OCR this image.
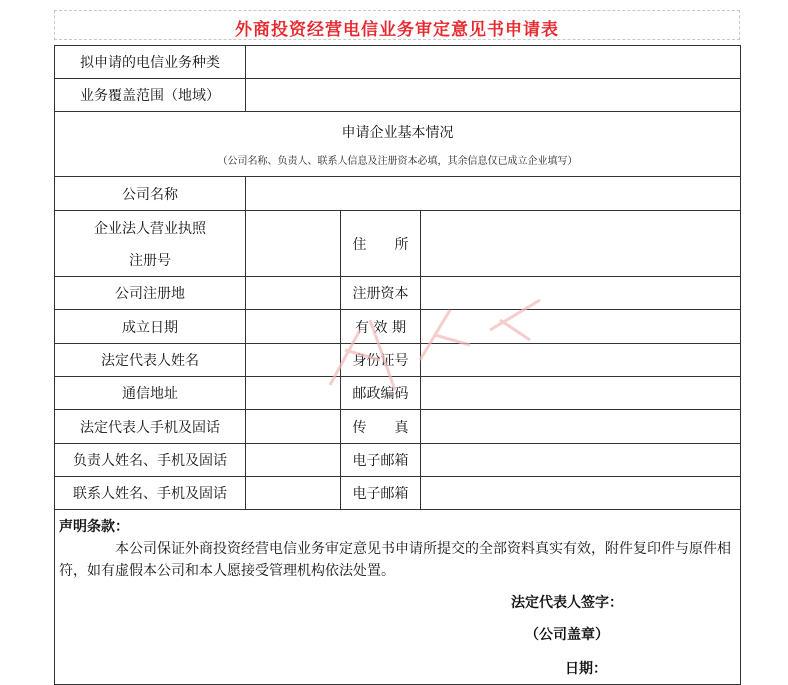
外商投资经营电信业务审定意见书申请表
拟申请的电信业务种类			
业务覆盖范围（地域）			

申请企业基本情况
（公司名称、负责人、联系人信息及注册资本必填，其余信息仅已成立企业填写）			

公司名称			

企业法人营业执照
注册号		住　　所	
公司注册地		注册资本	
成立日期		有 效 期	
法定代表人姓名		身份证号	
通信地址		邮政编码	
法定代表人手机及固话		传　　真	
负责人姓名、手机及固话		电子邮箱	
联系人姓名、手机及固话		电子邮箱	

声明条款：
本公司保证外商投资经营电信业务审定意见书申请所提交的全部资料真实有效，附件复印件与原件相符，如有虚假本公司和本人愿接受管理机构依法处置。
法定代表人签字：
（公司盖章）
日期：			
